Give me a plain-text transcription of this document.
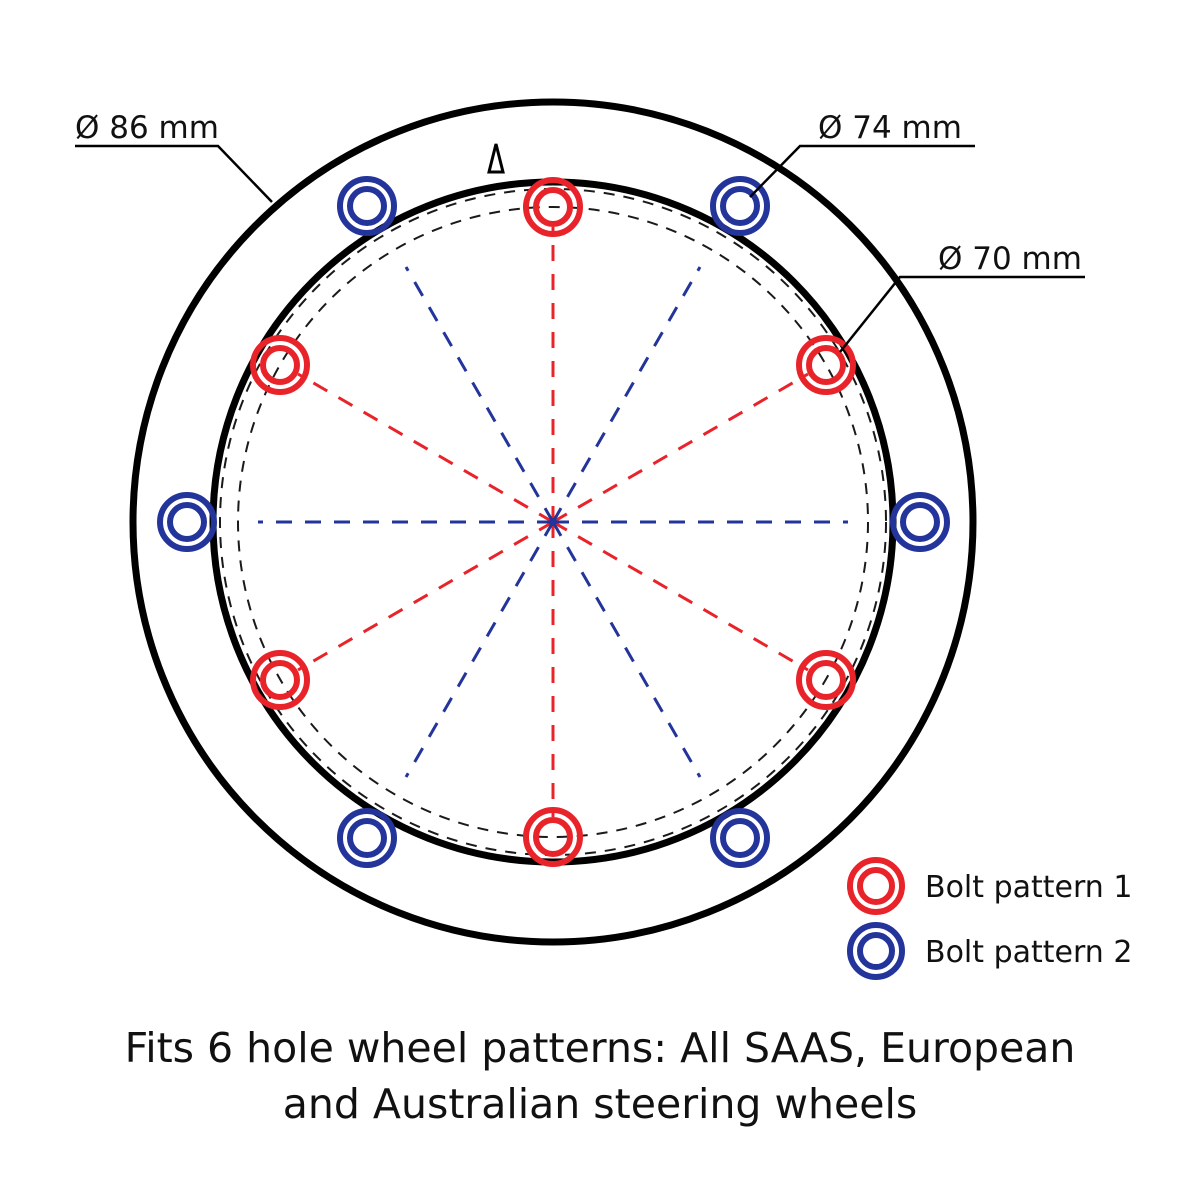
Ø 86 mm	Ø 74 mm
Ø 70 mm
Bolt pattern 1
Bolt pattern 2
Fits 6 hole wheel patterns: All SAAS, European
and Australian steering wheels
